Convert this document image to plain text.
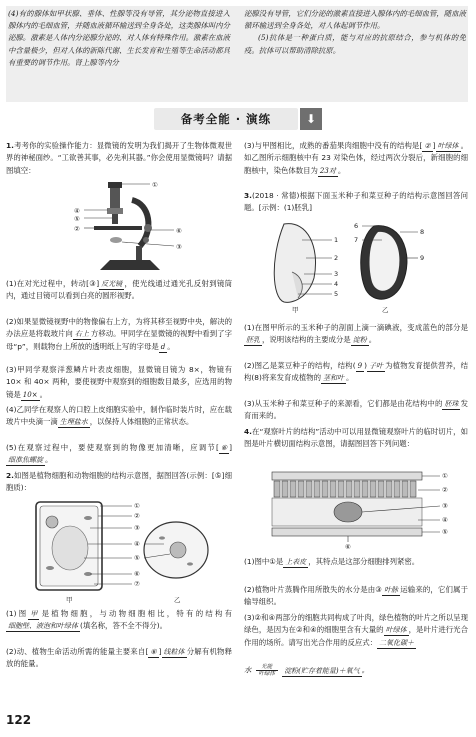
(4)有的腺体如甲状腺、垂体、性腺等没有导管，其分泌物直接进入腺体内的毛细血管，并随血液循环输送到全身各处，这类腺体叫内分泌腺。激素是人体内分泌腺分泌的、对人体有特殊作用。激素在血液中含量极少，但对人体的新陈代谢、生长发育和生殖等生命活动都具有重要的调节作用。肾上腺等内分
泌腺没有导管，它们分泌的激素直接进入腺体内的毛细血管，随血液循环输送到全身各处，对人体起调节作用。
(5)抗体是一种蛋白质，能与对应的抗原结合，参与机体的免疫。抗体可以帮助清除抗原。
备考全能 · 演练	⬇
1.考考你的实验操作能力：显微镜的发明为我们揭开了生物体微观世界的神秘面纱。“工欲善其事，必先利其器。”你会使用显微镜吗？请据图填空：
①
④
⑤
⑥
②
③
(1)在对光过程中，转动[③] 反光镜 ，使光线通过通光孔反射到镜筒内，通过目镜可以看到白亮的圆形视野。
(2)如果显微镜视野中的物像偏右上方，为将其移至视野中央，解决的办法应是将载玻片向 右上 方移动。甲同学在显微镜的视野中看到了字母“p”，则载物台上所放的透明纸上写的字母是 d 。
(3)甲同学观察洋葱鳞片叶表皮细胞，显微镜目镜为 8×，物镜有 10× 和 40× 两种，要使视野中观察到的细胞数目最多，应选用的物镜是 10× 。
(4)乙同学在观察人的口腔上皮细胞实验中，制作临时装片时，应在载玻片中央滴一滴 生理盐水 ，以保持人体细胞的正常状态。
(5)在观察过程中，要使观察到的物像更加清晰，应调节[ ⑥ ]细准焦螺旋 。
2.如图是植物细胞和动物细胞的结构示意图，据图回答(示例：[⑤]细胞质)：
①
②
③
④
⑤
⑥
⑦
甲	乙
(1)图 甲 是植物细胞，与动物细胞相比，特有的结构有细胞壁、液泡和叶绿体 (填名称，答不全不得分)。
(2)动、植物生命活动所需的能量主要来自[ ⑥ ] 线粒体 分解有机物释放的能量。
(3)与甲图相比，成熟的番茄果肉细胞中没有的结构是[ ② ] 叶绿体 。如乙图所示细胞核中有 23 对染色体，经过两次分裂后，新细胞的细胞核中，染色体数目为 23对 。
3.(2018 · 常德)根据下面玉米种子和菜豆种子的结构示意图回答问题。[示例：(1)胚乳]
1
2
3
4
5
甲
6
7
8
9
乙
(1)在图甲所示的玉米种子的剖面上滴一滴碘液，变成蓝色的部分是胚乳 ，说明该结构的主要成分是 淀粉 。
(2)图乙是菜豆种子的结构，结构( 9 ) 子叶 为植物发育提供营养，结构(8)将来发育成植物的 茎和叶 。
(3)从玉米种子和菜豆种子的来源看，它们都是由花结构中的 胚珠 发育而来的。
4.在“观察叶片的结构”活动中可以用显微镜观察叶片的临时切片，如图是叶片横切面结构示意图，请据图回答下列问题：
①
②
③
④
⑤
⑥
(1)图中①是 上表皮 ，其特点是这部分细胞排列紧密。
(2)植物叶片蒸腾作用所散失的水分是由③ 叶脉 运输来的，它们属于输导组织。
(3)②和④两部分的细胞共同构成了叶肉，绿色植物的叶片之所以呈现绿色，是因为在②和④的细胞里含有大量的 叶绿体 ，是叶片进行光合作用的场所。请写出光合作用的反应式： 二氧化碳＋
水	光能
叶绿体	淀粉(贮存着能量)＋氧气 。
122
